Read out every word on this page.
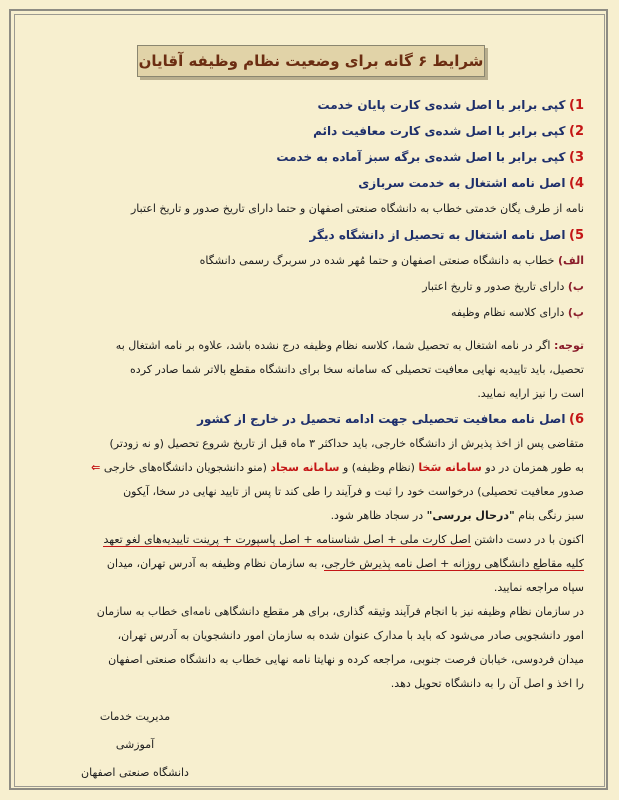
شرایط ۶ گانه برای وضعیت نظام وظیفه آقایان
1) کپی برابر با اصل شده‌ی کارت پایان خدمت
2) کپی برابر با اصل شده‌ی کارت معافیت دائم
3) کپی برابر با اصل شده‌ی برگه سبز آماده به خدمت
4) اصل نامه اشتغال به خدمت سربازی
نامه از طرف یگان خدمتی خطاب به دانشگاه صنعتی اصفهان و حتما دارای تاریخ صدور و تاریخ اعتبار
5) اصل نامه اشتغال به تحصیل از دانشگاه دیگر
الف) خطاب به دانشگاه صنعتی اصفهان و حتما مُهر شده در سربرگ رسمی دانشگاه
ب) دارای تاریخ صدور و تاریخ اعتبار
پ) دارای کلاسه نظام وظیفه
توجه: اگر در نامه اشتغال به تحصیل شما، کلاسه نظام وظیفه درج نشده باشد، علاوه بر نامه اشتغال به
تحصیل، باید تاییدیه نهایی معافیت تحصیلی که سامانه سخا برای دانشگاه مقطع بالاتر شما صادر کرده
است را نیز ارایه نمایید.
6) اصل نامه معافیت تحصیلی جهت ادامه تحصیل در خارج از کشور
متقاضی پس از اخذ پذیرش از دانشگاه خارجی، باید حداکثر ۳ ماه قبل از تاریخ شروع تحصیل (و نه زودتر)
به طور همزمان در دو سامانه سَخا (نظام وظیفه) و سامانه سجاد (منو دانشجویان دانشگاه‌های خارجی ⇐
صدور معافیت تحصیلی) درخواست خود را ثبت و فرآیند را طی کند تا پس از تایید نهایی در سخا، آیکون
سبز رنگی بنام "درحال بررسی" در سجاد ظاهر شود.
اکنون با در دست داشتن اصل کارت ملی + اصل شناسنامه + اصل پاسپورت + پرینت تاییدیه‌های لغو تعهد
کلیه مقاطع دانشگاهی روزانه + اصل نامه پذیرش خارجی، به سازمان نظام وظیفه به آدرس تهران، میدان
سپاه مراجعه نمایید.
در سازمان نظام وظیفه نیز با انجام فرآیند وثیقه گذاری، برای هر مقطع دانشگاهی نامه‌ای خطاب به سازمان
امور دانشجویی صادر می‌شود که باید با مدارک عنوان شده به سازمان امور دانشجویان به آدرس تهران،
میدان فردوسی، خیابان فرصت جنوبی، مراجعه کرده و نهایتا نامه نهایی خطاب به دانشگاه صنعتی اصفهان
را اخذ و اصل آن را به دانشگاه تحویل دهد.
مدیریت خدمات آموزشی
دانشگاه صنعتی اصفهان
